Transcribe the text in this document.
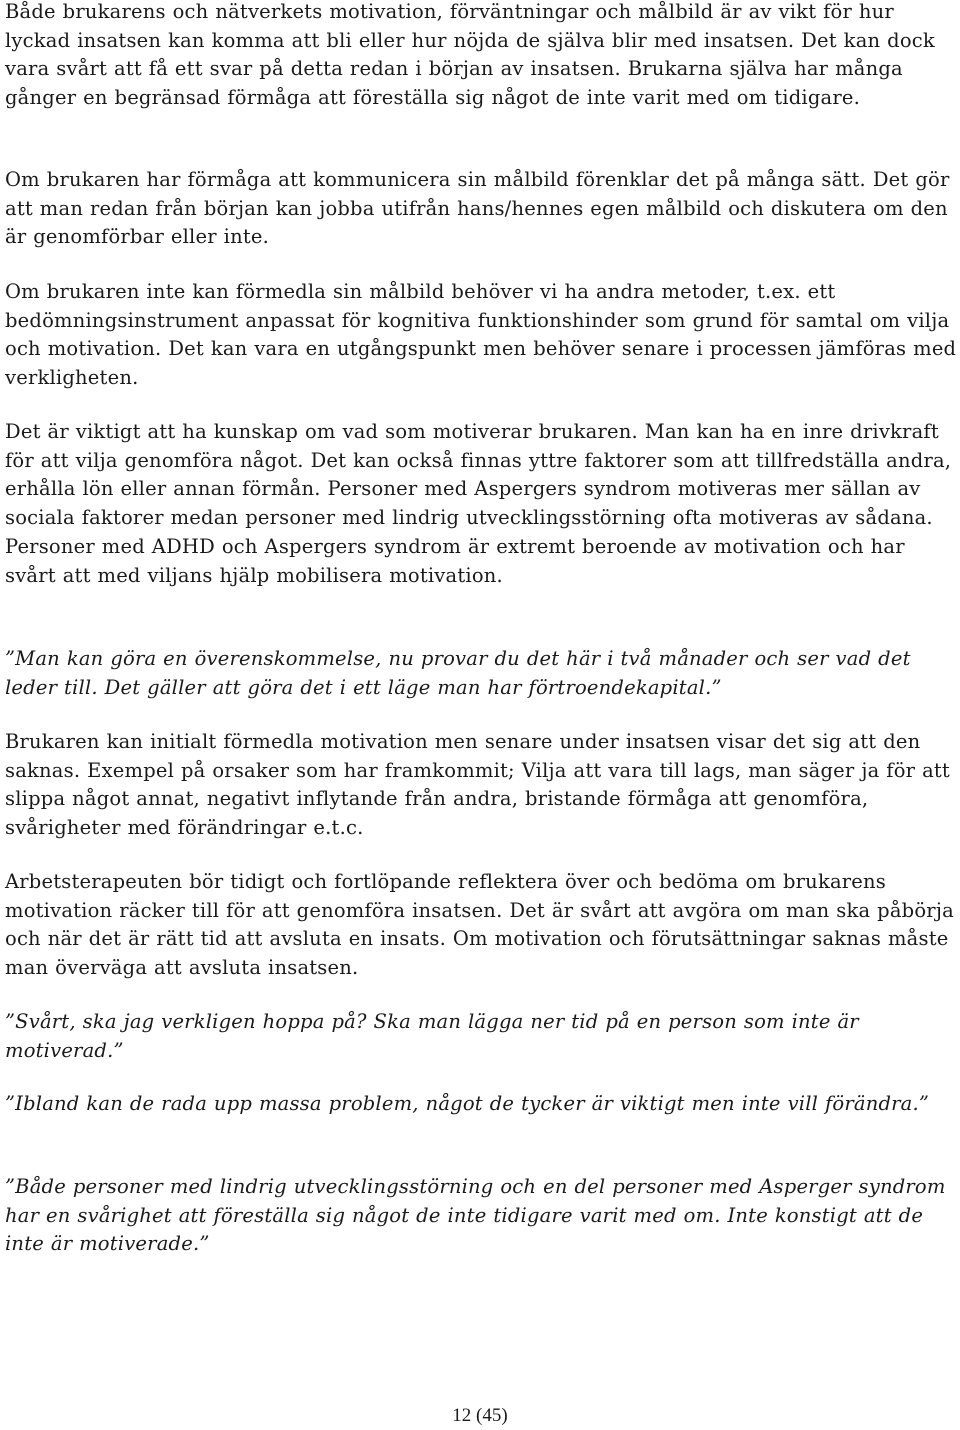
Både brukarens och nätverkets motivation, förväntningar och målbild är av vikt för hur lyckad insatsen kan komma att bli eller hur nöjda de själva blir med insatsen. Det kan dock vara svårt att få ett svar på detta redan i början av insatsen. Brukarna själva har många gånger en begränsad förmåga att föreställa sig något de inte varit med om tidigare.

Om brukaren har förmåga att kommunicera sin målbild förenklar det på många sätt. Det gör att man redan från början kan jobba utifrån hans/hennes egen målbild och diskutera om den är genomförbar eller inte.

Om brukaren inte kan förmedla sin målbild behöver vi ha andra metoder, t.ex. ett bedömningsinstrument anpassat för kognitiva funktionshinder som grund för samtal om vilja och motivation. Det kan vara en utgångspunkt men behöver senare i processen jämföras med verkligheten.

Det är viktigt att ha kunskap om vad som motiverar brukaren. Man kan ha en inre drivkraft för att vilja genomföra något. Det kan också finnas yttre faktorer som att tillfredställa andra, erhålla lön eller annan förmån. Personer med Aspergers syndrom motiveras mer sällan av sociala faktorer medan personer med lindrig utvecklingsstörning ofta motiveras av sådana. Personer med ADHD och Aspergers syndrom är extremt beroende av motivation och har svårt att med viljans hjälp mobilisera motivation.

”Man kan göra en överenskommelse, nu provar du det här i två månader och ser vad det leder till. Det gäller att göra det i ett läge man har förtroendekapital.”

Brukaren kan initialt förmedla motivation men senare under insatsen visar det sig att den saknas. Exempel på orsaker som har framkommit; Vilja att vara till lags, man säger ja för att slippa något annat, negativt inflytande från andra, bristande förmåga att genomföra, svårigheter med förändringar e.t.c.

Arbetsterapeuten bör tidigt och fortlöpande reflektera över och bedöma om brukarens motivation räcker till för att genomföra insatsen. Det är svårt att avgöra om man ska påbörja och när det är rätt tid att avsluta en insats. Om motivation och förutsättningar saknas måste man överväga att avsluta insatsen.

”Svårt, ska jag verkligen hoppa på? Ska man lägga ner tid på en person som inte är motiverad.”

”Ibland kan de rada upp massa problem, något de tycker är viktigt men inte vill förändra.”

”Både personer med lindrig utvecklingsstörning och en del personer med Asperger syndrom har en svårighet att föreställa sig något de inte tidigare varit med om. Inte konstigt att de inte är motiverade.”

12 (45)
